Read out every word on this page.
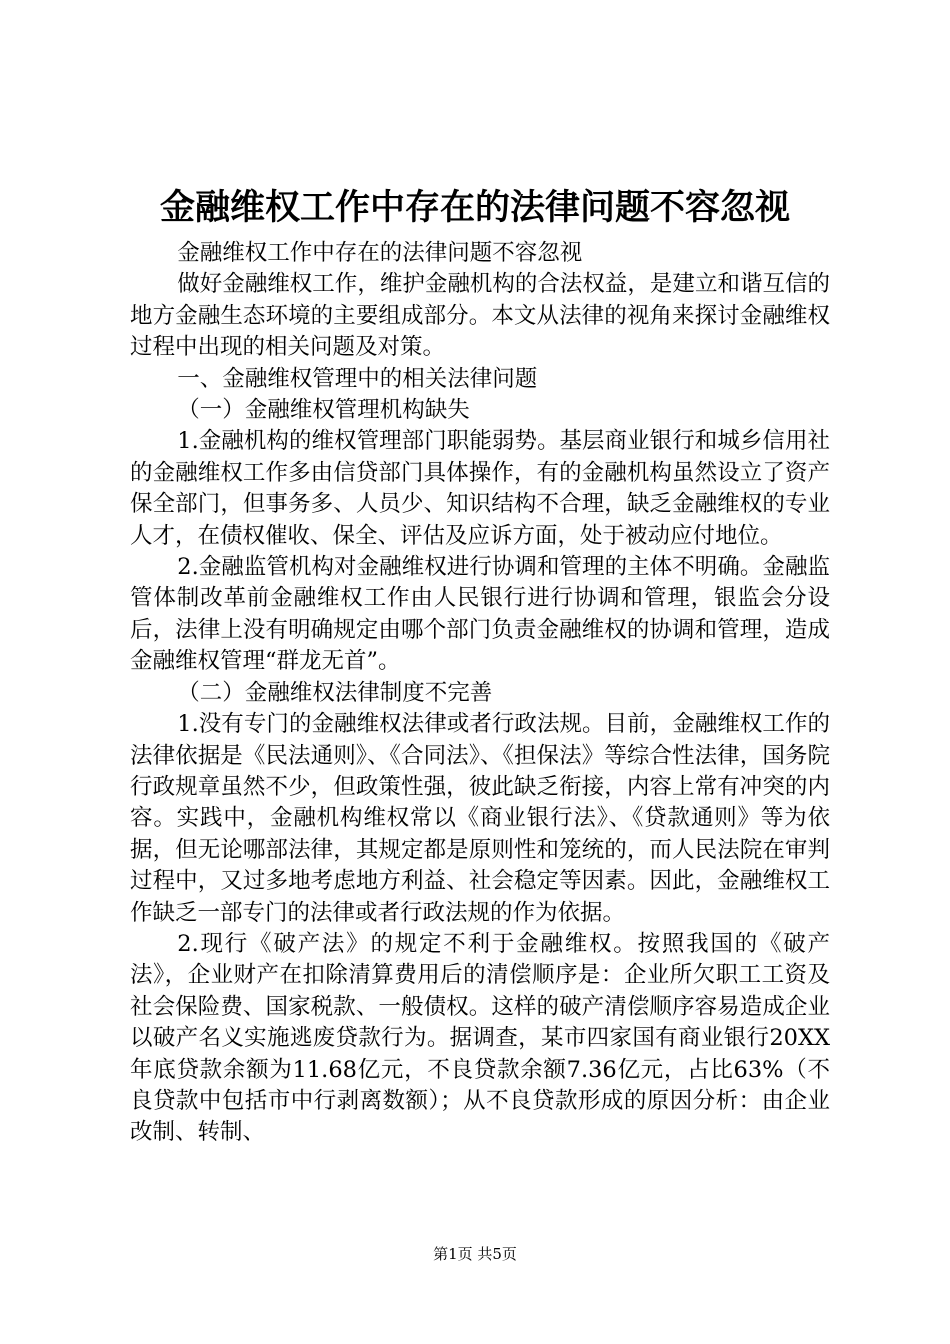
金融维权工作中存在的法律问题不容忽视

金融维权工作中存在的法律问题不容忽视

做好金融维权工作，维护金融机构的合法权益，是建立和谐互信的地方金融生态环境的主要组成部分。本文从法律的视角来探讨金融维权过程中出现的相关问题及对策。

一、金融维权管理中的相关法律问题

（一）金融维权管理机构缺失

1.金融机构的维权管理部门职能弱势。基层商业银行和城乡信用社的金融维权工作多由信贷部门具体操作，有的金融机构虽然设立了资产保全部门，但事务多、人员少、知识结构不合理，缺乏金融维权的专业人才，在债权催收、保全、评估及应诉方面，处于被动应付地位。

2.金融监管机构对金融维权进行协调和管理的主体不明确。金融监管体制改革前金融维权工作由人民银行进行协调和管理，银监会分设后，法律上没有明确规定由哪个部门负责金融维权的协调和管理，造成金融维权管理“群龙无首”。

（二）金融维权法律制度不完善

1.没有专门的金融维权法律或者行政法规。目前，金融维权工作的法律依据是《民法通则》、《合同法》、《担保法》等综合性法律，国务院行政规章虽然不少，但政策性强，彼此缺乏衔接，内容上常有冲突的内容。实践中，金融机构维权常以《商业银行法》、《贷款通则》等为依据，但无论哪部法律，其规定都是原则性和笼统的，而人民法院在审判过程中，又过多地考虑地方利益、社会稳定等因素。因此，金融维权工作缺乏一部专门的法律或者行政法规的作为依据。

2.现行《破产法》的规定不利于金融维权。按照我国的《破产法》，企业财产在扣除清算费用后的清偿顺序是：企业所欠职工工资及社会保险费、国家税款、一般债权。这样的破产清偿顺序容易造成企业以破产名义实施逃废贷款行为。据调查，某市四家国有商业银行20XX年底贷款余额为11.68亿元，不良贷款余额7.36亿元，占比63%（不良贷款中包括市中行剥离数额）；从不良贷款形成的原因分析：由企业改制、转制、

第1页 共5页
